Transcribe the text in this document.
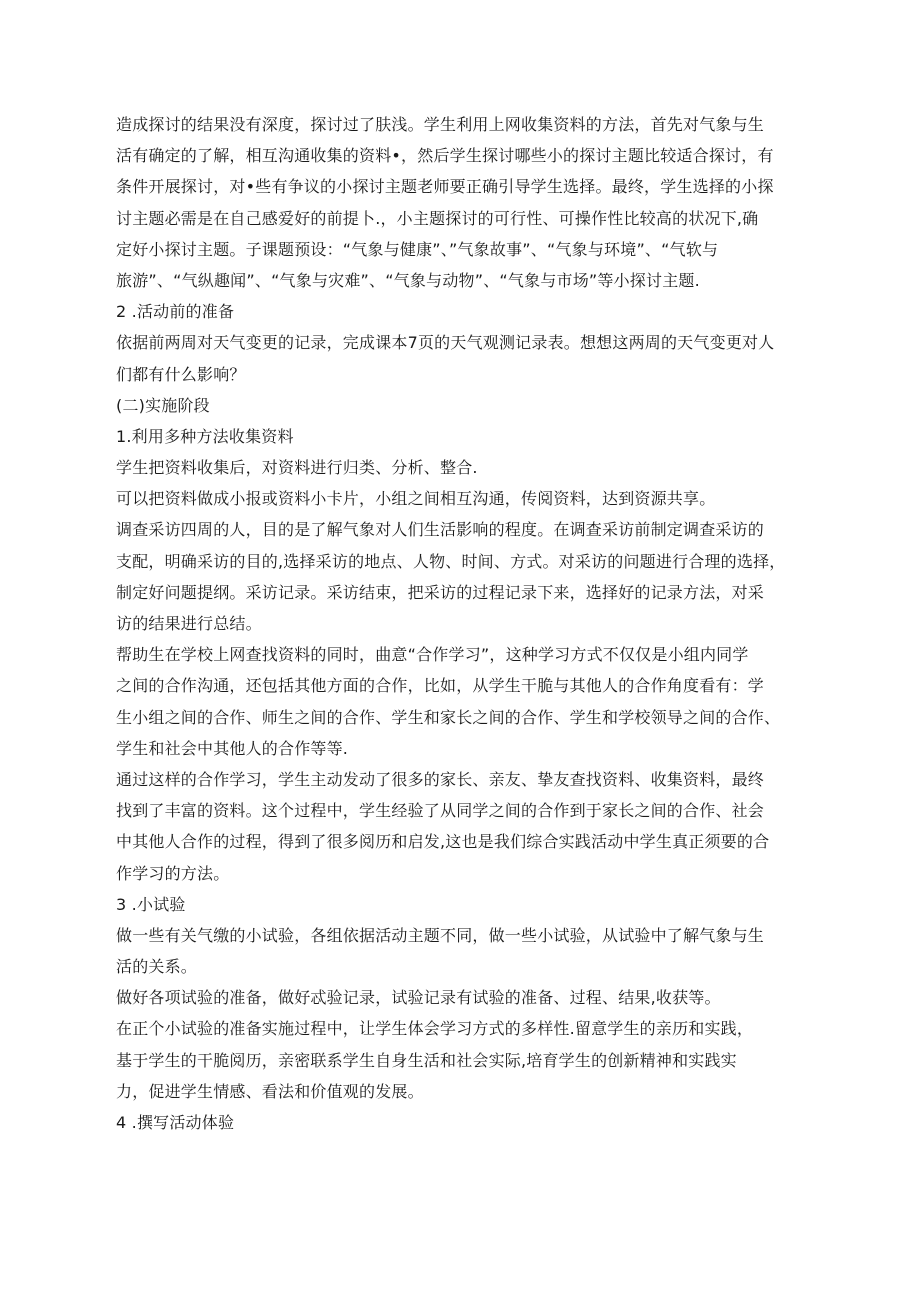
造成探讨的结果没有深度，探讨过了肤浅。学生利用上网收集资料的方法，首先对气象与生
活有确定的了解，相互沟通收集的资料•，然后学生探讨哪些小的探讨主题比较适合探讨，有
条件开展探讨，对•些有争议的小探讨主题老师要正确引导学生选择。最终，学生选择的小探
讨主题必需是在自己感爱好的前提卜.，小主题探讨的可行性、可操作性比较高的状况下,确
定好小探讨主题。子课题预设：“气象与健康”、”气象故事”、“气象与环境”、“气软与
旅游”、“气纵趣闻”、“气象与灾难”、“气象与动物”、“气象与市场”等小探讨主题.
2 .活动前的准备
依据前两周对天气变更的记录，完成课本7页的天气观测记录表。想想这两周的天气变更对人
们都有什么影响？
(二)实施阶段
1.利用多种方法收集资料
学生把资料收集后，对资料进行归类、分析、整合.
可以把资料做成小报或资料小卡片，小组之间相互沟通，传阅资料，达到资源共享。
调查采访四周的人，目的是了解气象对人们生活影响的程度。在调查采访前制定调查采访的
支配，明确采访的目的,选择采访的地点、人物、时间、方式。对采访的问题进行合理的选择，
制定好问题提纲。采访记录。采访结束，把采访的过程记录下来，选择好的记录方法，对采
访的结果进行总结。
帮助生在学校上网查找资料的同时，曲意“合作学习”，这种学习方式不仅仅是小组内同学
之间的合作沟通，还包括其他方面的合作，比如，从学生干脆与其他人的合作角度看有：学
生小组之间的合作、师生之间的合作、学生和家长之间的合作、学生和学校领导之间的合作、
学生和社会中其他人的合作等等.
通过这样的合作学习，学生主动发动了很多的家长、亲友、挚友查找资料、收集资料，最终
找到了丰富的资料。这个过程中，学生经验了从同学之间的合作到于家长之间的合作、社会
中其他人合作的过程，得到了很多阅历和启发,这也是我们综合实践活动中学生真正须要的合
作学习的方法。
3 .小试验
做一些有关气缴的小试验，各组依据活动主题不同，做一些小试验，从试验中了解气象与生
活的关系。
做好各项试验的准备，做好忒验记录，试验记录有试验的准备、过程、结果,收获等。
在正个小试验的准备实施过程中，让学生体会学习方式的多样性.留意学生的亲历和实践，
基于学生的干脆阅历，亲密联系学生自身生活和社会实际,培育学生的创新精神和实践实
力，促进学生情感、看法和价值观的发展。
4 .撰写活动体验
